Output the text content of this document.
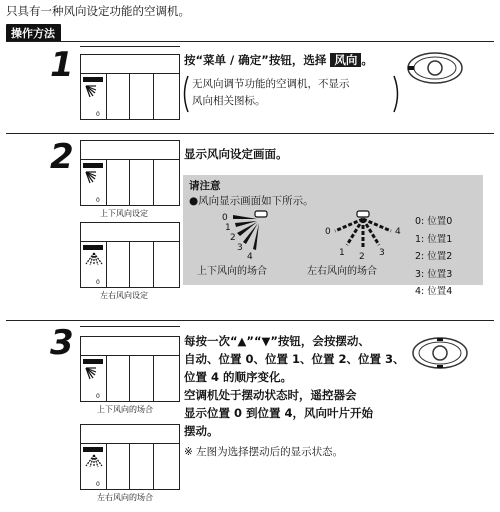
只具有一种风向设定功能的空调机。
操作方法
1
0
按“菜单 / 确定”按钮，选择 风向 。
无风向调节功能的空调机，不显示
风向相关图标。
2
0
上下风向设定
0
左右风向设定
显示风向设定画面。
请注意
●风向显示画面如下所示。
0
1
2
3
4
0
1 2 3
4
上下风向的场合	左右风向的场合
0: 位置0
1: 位置1
2: 位置2
3: 位置3
4: 位置4
3
0
上下风向的场合
0
左右风向的场合
每按一次“▲”“▼”按钮，会按摆动、
自动、位置 0、位置 1、位置 2、位置 3、
位置 4 的顺序变化。
空调机处于摆动状态时，遥控器会
显示位置 0 到位置 4，风向叶片开始
摆动。
※ 左图为选择摆动后的显示状态。
